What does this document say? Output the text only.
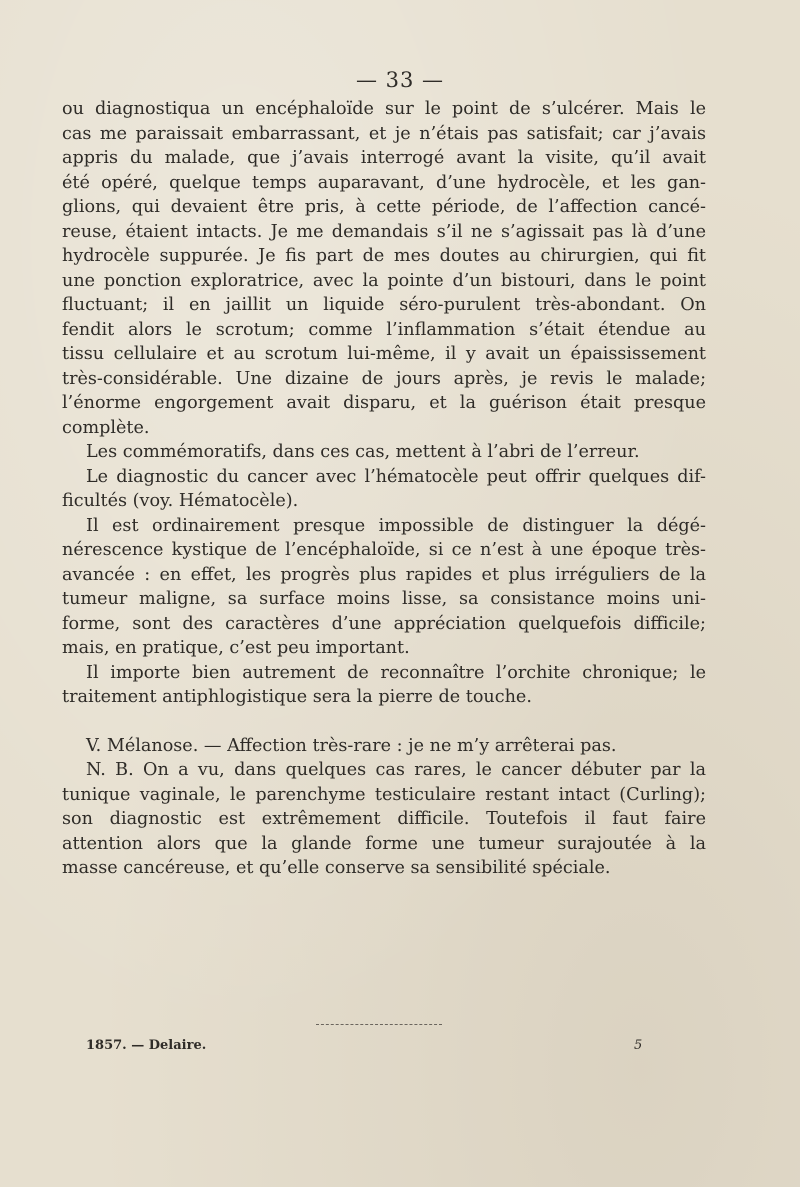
— 33 —
ou diagnostiqua un encéphaloïde sur le point de s’ulcérer. Mais le
cas me paraissait embarrassant, et je n’étais pas satisfait; car j’avais
appris du malade, que j’avais interrogé avant la visite, qu’il avait
été opéré, quelque temps auparavant, d’une hydrocèle, et les gan-
glions, qui devaient être pris, à cette période, de l’affection cancé-
reuse, étaient intacts. Je me demandais s’il ne s’agissait pas là d’une
hydrocèle suppurée. Je fis part de mes doutes au chirurgien, qui fit
une ponction exploratrice, avec la pointe d’un bistouri, dans le point
fluctuant; il en jaillit un liquide séro-purulent très-abondant. On
fendit alors le scrotum; comme l’inflammation s’était étendue au
tissu cellulaire et au scrotum lui-même, il y avait un épaississement
très-considérable. Une dizaine de jours après, je revis le malade;
l’énorme engorgement avait disparu, et la guérison était presque
complète.
Les commémoratifs, dans ces cas, mettent à l’abri de l’erreur.
Le diagnostic du cancer avec l’hématocèle peut offrir quelques dif-
ficultés (voy. Hématocèle).
Il est ordinairement presque impossible de distinguer la dégé-
nérescence kystique de l’encéphaloïde, si ce n’est à une époque très-
avancée : en effet, les progrès plus rapides et plus irréguliers de la
tumeur maligne, sa surface moins lisse, sa consistance moins uni-
forme, sont des caractères d’une appréciation quelquefois difficile;
mais, en pratique, c’est peu important.
Il importe bien autrement de reconnaître l’orchite chronique; le
traitement antiphlogistique sera la pierre de touche.
V. Mélanose. — Affection très-rare : je ne m’y arrêterai pas.
N. B. On a vu, dans quelques cas rares, le cancer débuter par la
tunique vaginale, le parenchyme testiculaire restant intact (Curling);
son diagnostic est extrêmement difficile. Toutefois il faut faire
attention alors que la glande forme une tumeur surajoutée à la
masse cancéreuse, et qu’elle conserve sa sensibilité spéciale.
1857. — Delaire.	5
